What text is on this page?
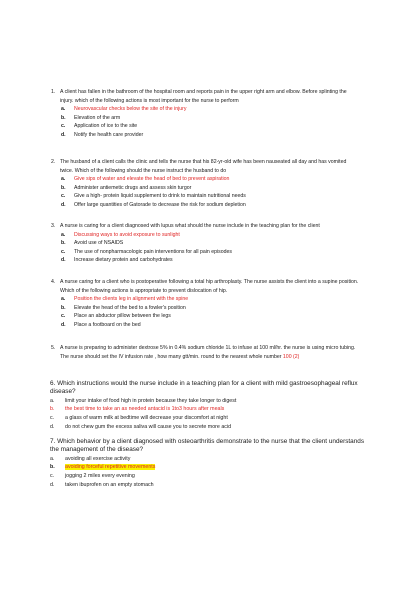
1. A client has fallen in the bathroom of the hospital room and reports pain in the upper right arm and elbow. Before splinting the injury. which of the following actions is most important for the nurse to perform
a. Neurovascular checks below the site of the injury
b. Elevation of the arm
c. Application of ice to the site
d. Notify the health care provider
2. The husband of a client calls the clinic and tells the nurse that his 82-yr-old wife has been nauseated all day and has vomited twice. Which of the following should the nurse instruct the husband to do
a. Give sips of water and elevate the head of bed to prevent aspiration
b. Administer antiemetic drugs and assess skin turgor
c. Give a high- protein liquid supplement to drink to maintain nutritional needs
d. Offer large quantities of Gatorade to decrease the risk for sodium depletion
3. A nurse is caring for a client diagnosed with lupus what should the nurse include in the teaching plan for the client
a. Discussing ways to avoid exposure to sunlight
b. Avoid use of NSAIDS
c. The use of nonpharmacologic pain interventions for all pain episodes
d. Increase dietary protein and carbohydrates
4. A nurse caring for a client who is postoperative following a total hip arthroplasty. The nurse assists the client into a supine position. Which of the following actions is appropriate to prevent dislocation of hip.
a. Position the clients leg in alignment with the spine
b. Elevate the head of the bed to a fowler's position
c. Place an abductor pillow between the legs
d. Place a footboard on the bed
5. A nurse is preparing to administer dextrose 5% in 0.4% sodium chloride 1L to infuse at 100 ml/hr. the nurse is using micro tubing. The nurse should set the IV infusion rate , how many gtt/min. round to the nearest whole number 100 (2)
6. Which instructions would the nurse include in a teaching plan for a client with mild gastroesophageal reflux disease?
a. limit your intake of food high in protein because they take longer to digest
b. the best time to take an as needed antacid is 1to3 hours after meals
c. a glass of warm milk at bedtime will decrease your discomfort at night
d. do not chew gum the excess saliva will cause you to secrete more acid
7. Which behavior by a client diagnosed with osteoarthritis demonstrate to the nurse that the client understands the management of the disease?
a. avoiding all exercise activity
b. avoiding forceful repetitive movements
c. jogging 2 miles every evening
d. taken ibuprofen on an empty stomach
